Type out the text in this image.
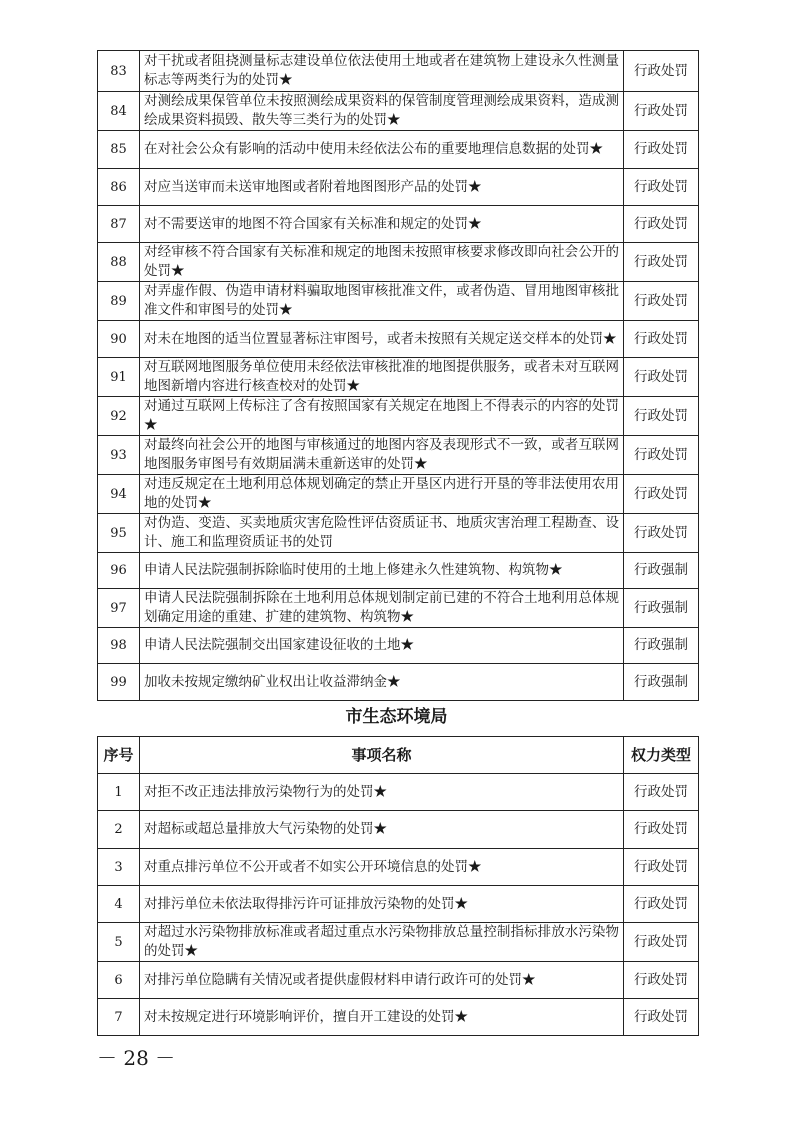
83	对干扰或者阻挠测量标志建设单位依法使用土地或者在建筑物上建设永久性测量标志等两类行为的处罚★	行政处罚
84	对测绘成果保管单位未按照测绘成果资料的保管制度管理测绘成果资料，造成测绘成果资料损毁、散失等三类行为的处罚★	行政处罚
85	在对社会公众有影响的活动中使用未经依法公布的重要地理信息数据的处罚★	行政处罚
86	对应当送审而未送审地图或者附着地图图形产品的处罚★	行政处罚
87	对不需要送审的地图不符合国家有关标准和规定的处罚★	行政处罚
88	对经审核不符合国家有关标准和规定的地图未按照审核要求修改即向社会公开的处罚★	行政处罚
89	对弄虚作假、伪造申请材料骗取地图审核批准文件，或者伪造、冒用地图审核批准文件和审图号的处罚★	行政处罚
90	对未在地图的适当位置显著标注审图号，或者未按照有关规定送交样本的处罚★	行政处罚
91	对互联网地图服务单位使用未经依法审核批准的地图提供服务，或者未对互联网地图新增内容进行核查校对的处罚★	行政处罚
92	对通过互联网上传标注了含有按照国家有关规定在地图上不得表示的内容的处罚★	行政处罚
93	对最终向社会公开的地图与审核通过的地图内容及表现形式不一致，或者互联网地图服务审图号有效期届满未重新送审的处罚★	行政处罚
94	对违反规定在土地利用总体规划确定的禁止开垦区内进行开垦的等非法使用农用地的处罚★	行政处罚
95	对伪造、变造、买卖地质灾害危险性评估资质证书、地质灾害治理工程勘查、设计、施工和监理资质证书的处罚	行政处罚
96	申请人民法院强制拆除临时使用的土地上修建永久性建筑物、构筑物★	行政强制
97	申请人民法院强制拆除在土地利用总体规划制定前已建的不符合土地利用总体规划确定用途的重建、扩建的建筑物、构筑物★	行政强制
98	申请人民法院强制交出国家建设征收的土地★	行政强制
99	加收未按规定缴纳矿业权出让收益滞纳金★	行政强制
市生态环境局
序号	事项名称	权力类型
1	对拒不改正违法排放污染物行为的处罚★	行政处罚
2	对超标或超总量排放大气污染物的处罚★	行政处罚
3	对重点排污单位不公开或者不如实公开环境信息的处罚★	行政处罚
4	对排污单位未依法取得排污许可证排放污染物的处罚★	行政处罚
5	对超过水污染物排放标准或者超过重点水污染物排放总量控制指标排放水污染物的处罚★	行政处罚
6	对排污单位隐瞒有关情况或者提供虚假材料申请行政许可的处罚★	行政处罚
7	对未按规定进行环境影响评价，擅自开工建设的处罚★	行政处罚
－ 28 －
